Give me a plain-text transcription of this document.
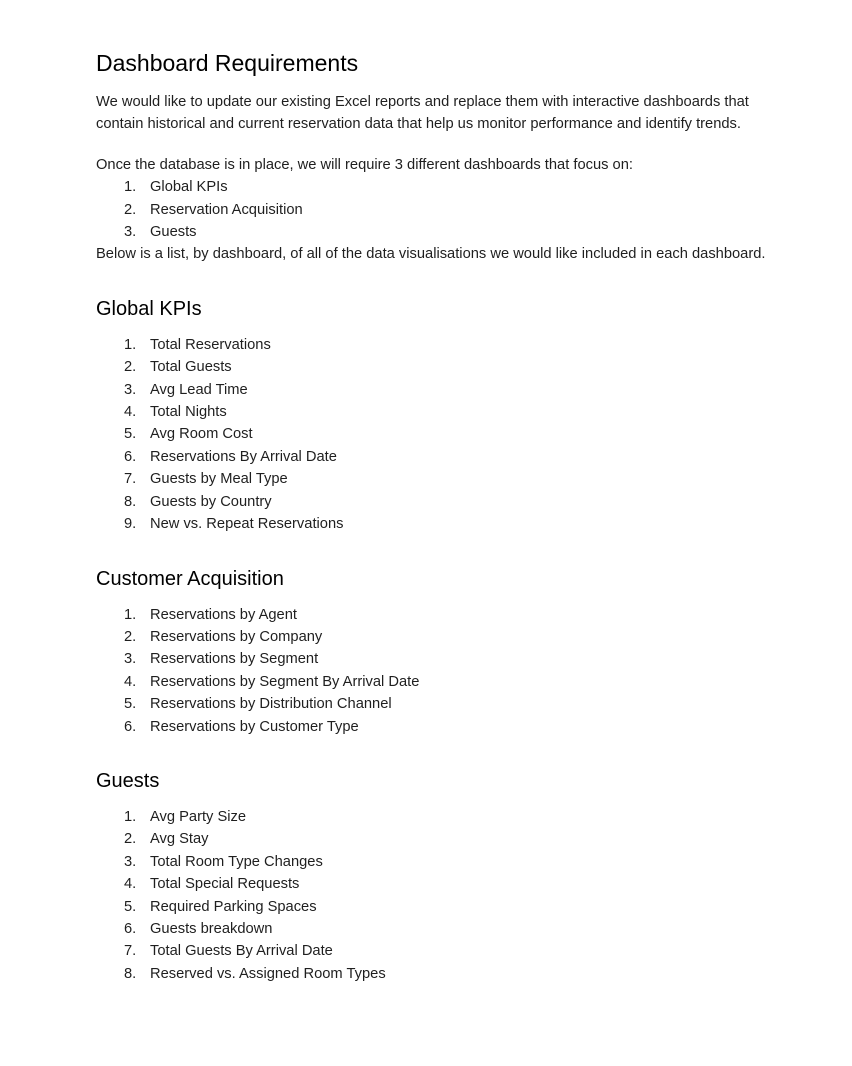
Dashboard Requirements

We would like to update our existing Excel reports and replace them with interactive dashboards that contain historical and current reservation data that help us monitor performance and identify trends.

Once the database is in place, we will require 3 different dashboards that focus on:

Global KPIs
Reservation Acquisition
Guests

Below is a list, by dashboard, of all of the data visualisations we would like included in each dashboard.

Global KPIs
Total Reservations
Total Guests
Avg Lead Time
Total Nights
Avg Room Cost
Reservations By Arrival Date
Guests by Meal Type
Guests by Country
New vs. Repeat Reservations
Customer Acquisition
Reservations by Agent
Reservations by Company
Reservations by Segment
Reservations by Segment By Arrival Date
Reservations by Distribution Channel
Reservations by Customer Type
Guests
Avg Party Size
Avg Stay
Total Room Type Changes
Total Special Requests
Required Parking Spaces
Guests breakdown
Total Guests By Arrival Date
Reserved vs. Assigned Room Types
